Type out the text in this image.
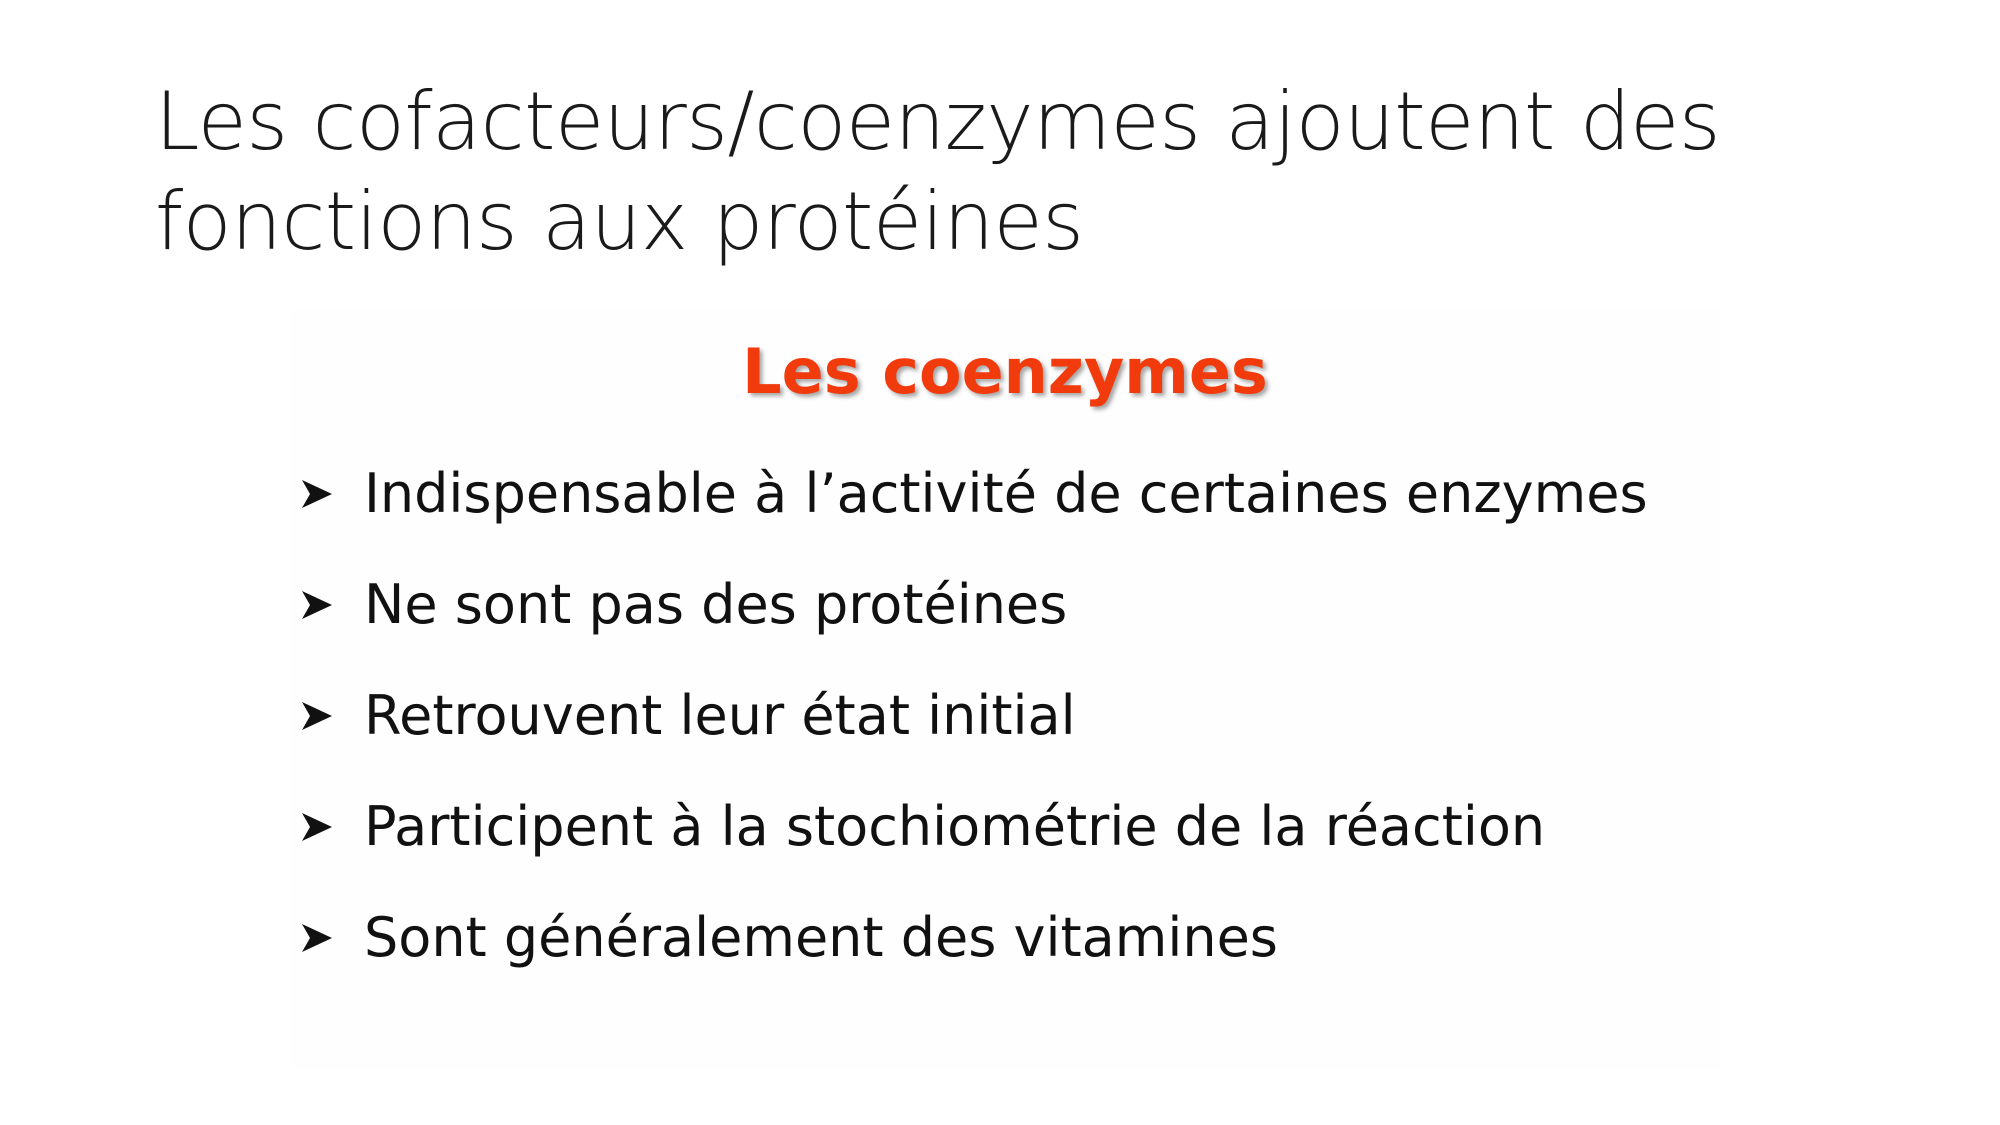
Les cofacteurs/coenzymes ajoutent des
fonctions aux protéines
Les coenzymes
Indispensable à l’activité de certaines enzymes
Ne sont pas des protéines
Retrouvent leur état initial
Participent à la stochiométrie de la réaction
Sont généralement des vitamines
